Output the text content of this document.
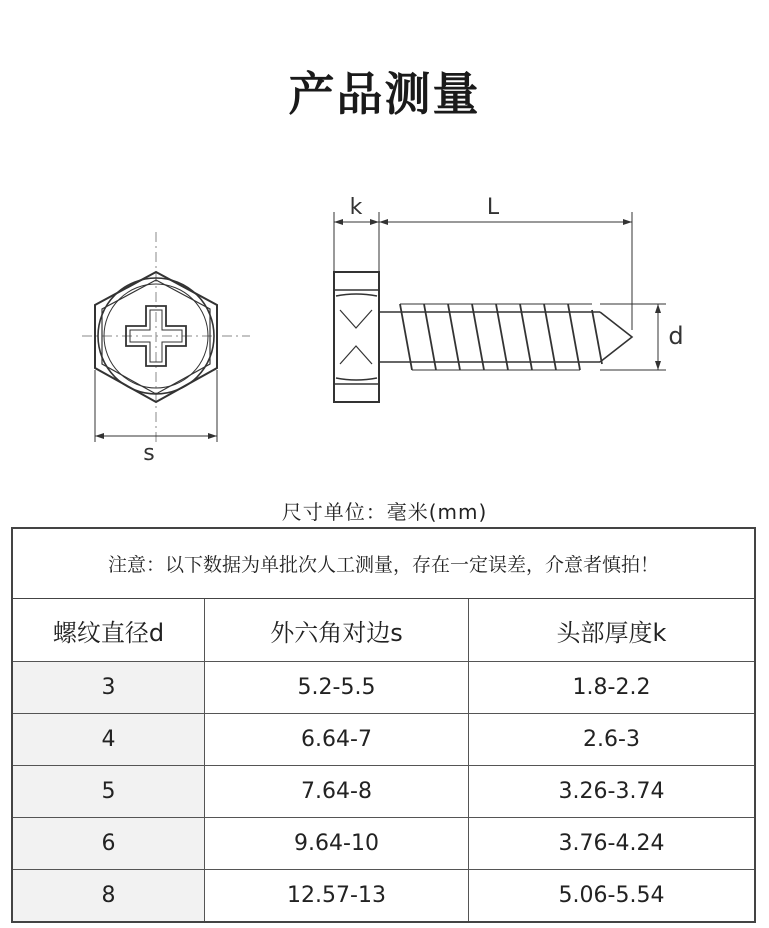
产品测量
k	L
d
s
尺寸单位：毫米(mm)
注意：以下数据为单批次人工测量，存在一定误差，介意者慎拍！
螺纹直径d	外六角对边s	头部厚度k
3	5.2-5.5	1.8-2.2
4	6.64-7	2.6-3
5	7.64-8	3.26-3.74
6	9.64-10	3.76-4.24
8	12.57-13	5.06-5.54
